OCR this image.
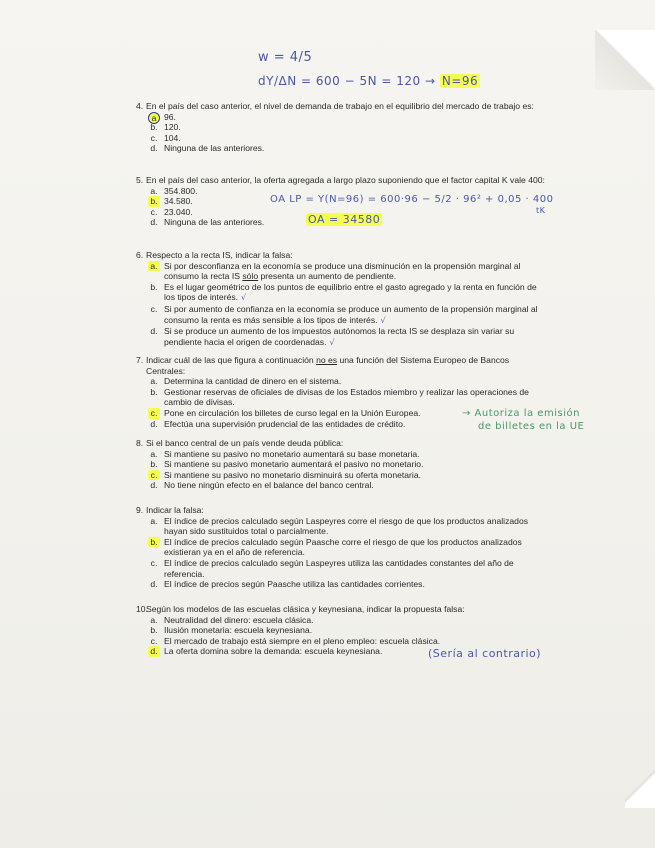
w = 4/5
dY/ΔN = 600 − 5N = 120 → N=96
4. En el país del caso anterior, el nivel de demanda de trabajo en el equilibrio del mercado de trabajo es:
a 96.
b. 120.
c. 104.
d. Ninguna de las anteriores.
5. En el país del caso anterior, la oferta agregada a largo plazo suponiendo que el factor capital K vale 400:
a. 354.800.
b. 34.580.
c. 23.040.
d. Ninguna de las anteriores.
OA LP = Y(N=96) = 600·96 − 5/2 · 96² + 0,05 · 400
tK
OA = 34580
6. Respecto a la recta IS, indicar la falsa:
a. Si por desconfianza en la economía se produce una disminución en la propensión marginal al consumo la recta IS sólo presenta un aumento de pendiente.
b. Es el lugar geométrico de los puntos de equilibrio entre el gasto agregado y la renta en función de los tipos de interés. √
c. Si por aumento de confianza en la economía se produce un aumento de la propensión marginal al consumo la renta es más sensible a los tipos de interés. √
d. Si se produce un aumento de los impuestos autónomos la recta IS se desplaza sin variar su pendiente hacia el origen de coordenadas. √
7. Indicar cuál de las que figura a continuación no es una función del Sistema Europeo de Bancos Centrales:
a. Determina la cantidad de dinero en el sistema.
b. Gestionar reservas de oficiales de divisas de los Estados miembro y realizar las operaciones de cambio de divisas.
c. Pone en circulación los billetes de curso legal en la Unión Europea.
d. Efectúa una supervisión prudencial de las entidades de crédito.
→ Autoriza la emisión
de billetes en la UE
8. Si el banco central de un país vende deuda pública:
a. Si mantiene su pasivo no monetario aumentará su base monetaria.
b. Si mantiene su pasivo monetario aumentará el pasivo no monetario.
c. Si mantiene su pasivo no monetario disminuirá su oferta monetaria.
d. No tiene ningún efecto en el balance del banco central.
9. Indicar la falsa:
a. El índice de precios calculado según Laspeyres corre el riesgo de que los productos analizados hayan sido sustituidos total o parcialmente.
b. El índice de precios calculado según Paasche corre el riesgo de que los productos analizados existieran ya en el año de referencia.
c. El índice de precios calculado según Laspeyres utiliza las cantidades constantes del año de referencia.
d. El índice de precios según Paasche utiliza las cantidades corrientes.
10.
Según los modelos de las escuelas clásica y keynesiana, indicar la propuesta falsa:
a. Neutralidad del dinero: escuela clásica.
b. Ilusión monetaria: escuela keynesiana.
c. El mercado de trabajo está siempre en el pleno empleo: escuela clásica.
d. La oferta domina sobre la demanda: escuela keynesiana.	(Sería al contrario)
